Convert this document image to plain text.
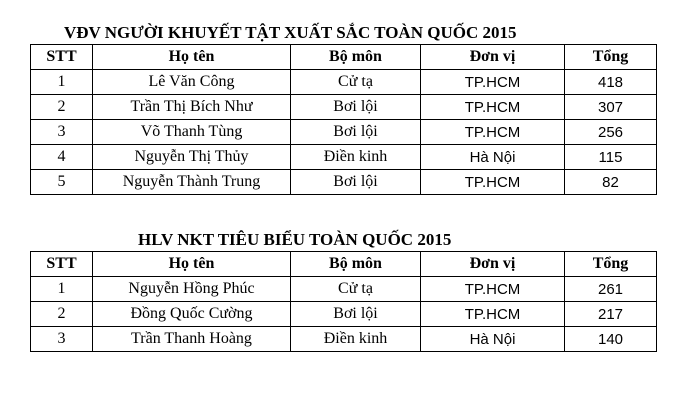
VĐV NGƯỜI KHUYẾT TẬT XUẤT SẮC TOÀN QUỐC 2015
STT	Họ tên	Bộ môn	Đơn vị	Tổng
1	Lê Văn Công	Cử tạ	TP.HCM	418
2	Trần Thị Bích Như	Bơi lội	TP.HCM	307
3	Võ Thanh Tùng	Bơi lội	TP.HCM	256
4	Nguyễn Thị Thủy	Điền kinh	Hà Nội	115
5	Nguyễn Thành Trung	Bơi lội	TP.HCM	82
HLV NKT TIÊU BIỂU TOÀN QUỐC 2015
STT	Họ tên	Bộ môn	Đơn vị	Tổng
1	Nguyễn Hồng Phúc	Cử tạ	TP.HCM	261
2	Đồng Quốc Cường	Bơi lội	TP.HCM	217
3	Trần Thanh Hoàng	Điền kinh	Hà Nội	140
